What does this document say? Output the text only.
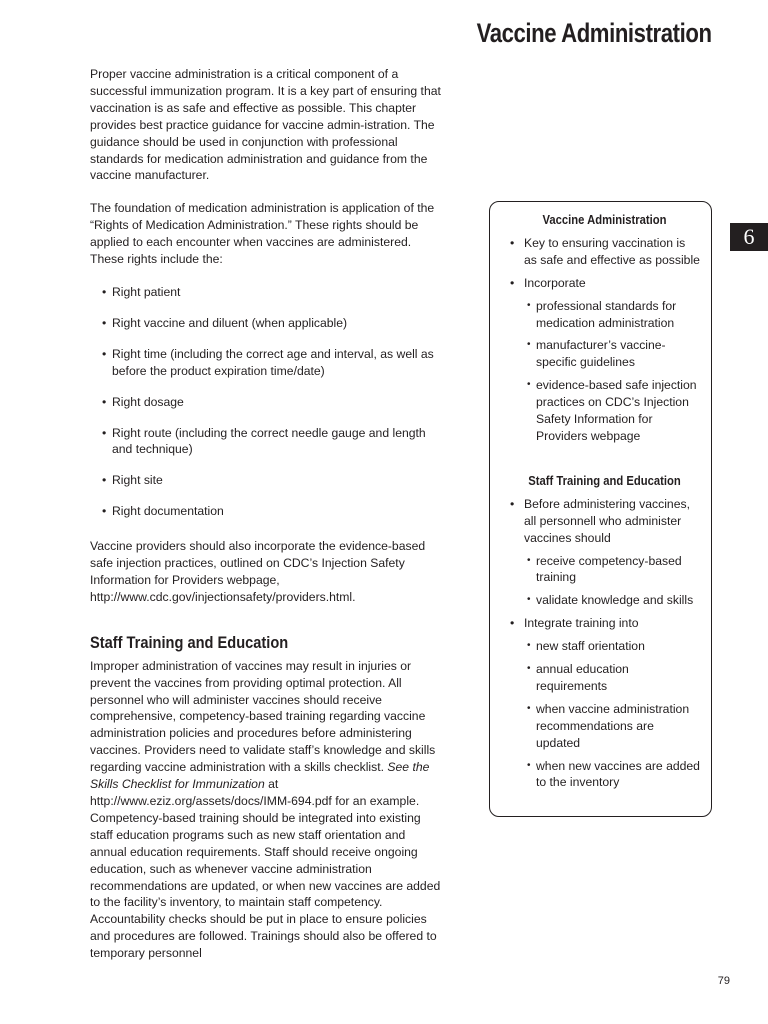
Vaccine Administration
6

Proper vaccine administration is a critical component of a successful immunization program. It is a key part of ensuring that vaccination is as safe and effective as possible. This chapter provides best practice guidance for vaccine admin-istration. The guidance should be used in conjunction with professional standards for medication administration and guidance from the vaccine manufacturer.

The foundation of medication administration is application of the “Rights of Medication Administration.” These rights should be applied to each encounter when vaccines are administered. These rights include the:

• Right patient
• Right vaccine and diluent (when applicable)
• Right time (including the correct age and interval, as well as before the product expiration time/date)
• Right dosage
• Right route (including the correct needle gauge and length and technique)
• Right site
• Right documentation

Vaccine providers should also incorporate the evidence-based safe injection practices, outlined on CDC’s Injection Safety Information for Providers webpage, http://www.cdc.gov/injectionsafety/providers.html.

Staff Training and Education

Improper administration of vaccines may result in injuries or prevent the vaccines from providing optimal protection. All personnel who will administer vaccines should receive comprehensive, competency-based training regarding vaccine administration policies and procedures before administering vaccines. Providers need to validate staff’s knowledge and skills regarding vaccine administration with a skills checklist. See the Skills Checklist for Immunization at http://www.eziz.org/assets/docs/IMM-694.pdf for an example. Competency-based training should be integrated into existing staff education programs such as new staff orientation and annual education requirements. Staff should receive ongoing education, such as whenever vaccine administration recommendations are updated, or when new vaccines are added to the facility’s inventory, to maintain staff competency. Accountability checks should be put in place to ensure policies and procedures are followed. Trainings should also be offered to temporary personnel

Vaccine Administration
• Key to ensuring vaccination is as safe and effective as possible
• Incorporate
• professional standards for medication administration
• manufacturer’s vaccine-specific guidelines
• evidence-based safe injection practices on CDC’s Injection Safety Information for Providers webpage
Staff Training and Education
• Before administering vaccines, all personnell who administer vaccines should
• receive competency-based training
• validate knowledge and skills
• Integrate training into
• new staff orientation
• annual education requirements
• when vaccine administration recommendations are updated
• when new vaccines are added to the inventory
79
